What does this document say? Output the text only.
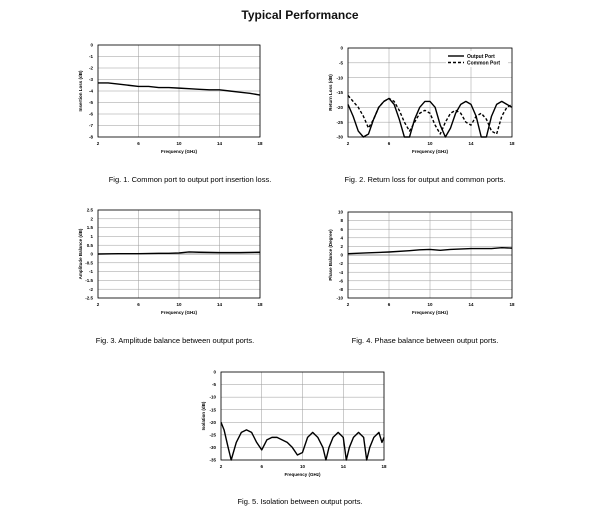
Typical Performance
0
-1
-2
-3
-4
-5
-6
-7
-8
2	6	10	14	18
Frequency (GHz)
Insertion Loss (dB)
Fig. 1. Common port to output port insertion loss.
0
-5
-10
-15
-20
-25
-30
2	6	10	14	18
Frequency (GHz)
Return Loss (dB)
Output Port
Common Port
Fig. 2. Return loss for output and common ports.
2.5
2
1.5
1
0.5
0
-0.5
-1
-1.5
-2
-2.5
2	6	10	14	18
Frequency (GHz)
Amplitude Balance (dB)
Fig. 3. Amplitude balance between output ports.
10
8
6
4
2
0
-2
-4
-6
-8
-10
2	6	10	14	18
Frequency (GHz)
Phase Balance (Degree)
Fig. 4. Phase balance between output ports.
0
-5
-10
-15
-20
-25
-30
-35
2	6	10	14	18
Frequency (GHz)
Isolation (dB)
Fig. 5. Isolation between output ports.
